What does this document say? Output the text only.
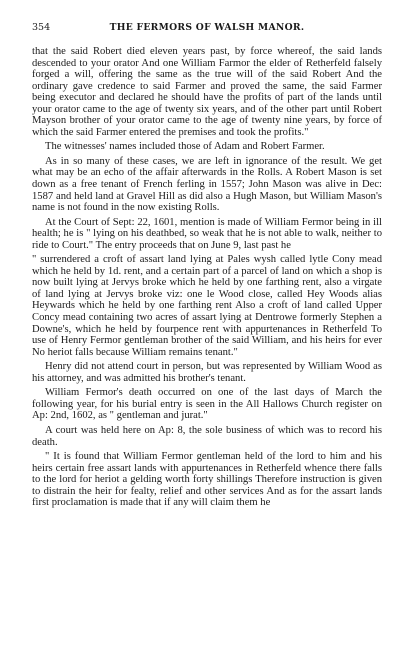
354	THE FERMORS OF WALSH MANOR.

that the said Robert died eleven years past, by force whereof, the said lands descended to your orator And one William Farmor the elder of Retherfeld falsely forged a will, offering the same as the true will of the said Robert And the ordinary gave credence to said Farmer and proved the same, the said Farmer being executor and declared he should have the profits of part of the lands until your orator came to the age of twenty six years, and of the other part until Robert Mayson brother of your orator came to the age of twenty nine years, by force of which the said Farmer entered the premises and took the profits."

The witnesses' names included those of Adam and Robert Farmer.

As in so many of these cases, we are left in ignorance of the result. We get what may be an echo of the affair afterwards in the Rolls. A Robert Mason is set down as a free tenant of French ferling in 1557; John Mason was alive in Dec: 1587 and held land at Gravel Hill as did also a Hugh Mason, but William Mason's name is not found in the now existing Rolls.

At the Court of Sept: 22, 1601, mention is made of William Fermor being in ill health; he is " lying on his deathbed, so weak that he is not able to walk, neither to ride to Court." The entry proceeds that on June 9, last past he

" surrendered a croft of assart land lying at Pales wysh called lytle Cony mead which he held by 1d. rent, and a certain part of a parcel of land on which a shop is now built lying at Jervys broke which he held by one farthing rent, also a virgate of land lying at Jervys broke viz: one le Wood close, called Hey Woods alias Heywards which he held by one farthing rent Also a croft of land called Upper Concy mead containing two acres of assart lying at Dentrowe formerly Stephen a Downe's, which he held by fourpence rent with appurtenances in Retherfeld To use of Henry Fermor gentleman brother of the said William, and his heirs for ever No heriot falls because William remains tenant."

Henry did not attend court in person, but was represented by William Wood as his attorney, and was admitted his brother's tenant.

William Fermor's death occurred on one of the last days of March the following year, for his burial entry is seen in the All Hallows Church register on Ap: 2nd, 1602, as " gentleman and jurat."

A court was held here on Ap: 8, the sole business of which was to record his death.

" It is found that William Fermor gentleman held of the lord to him and his heirs certain free assart lands with appurtenances in Retherfeld whence there falls to the lord for heriot a gelding worth forty shillings Therefore instruction is given to distrain the heir for fealty, relief and other services And as for the assart lands first proclamation is made that if any will claim them he
